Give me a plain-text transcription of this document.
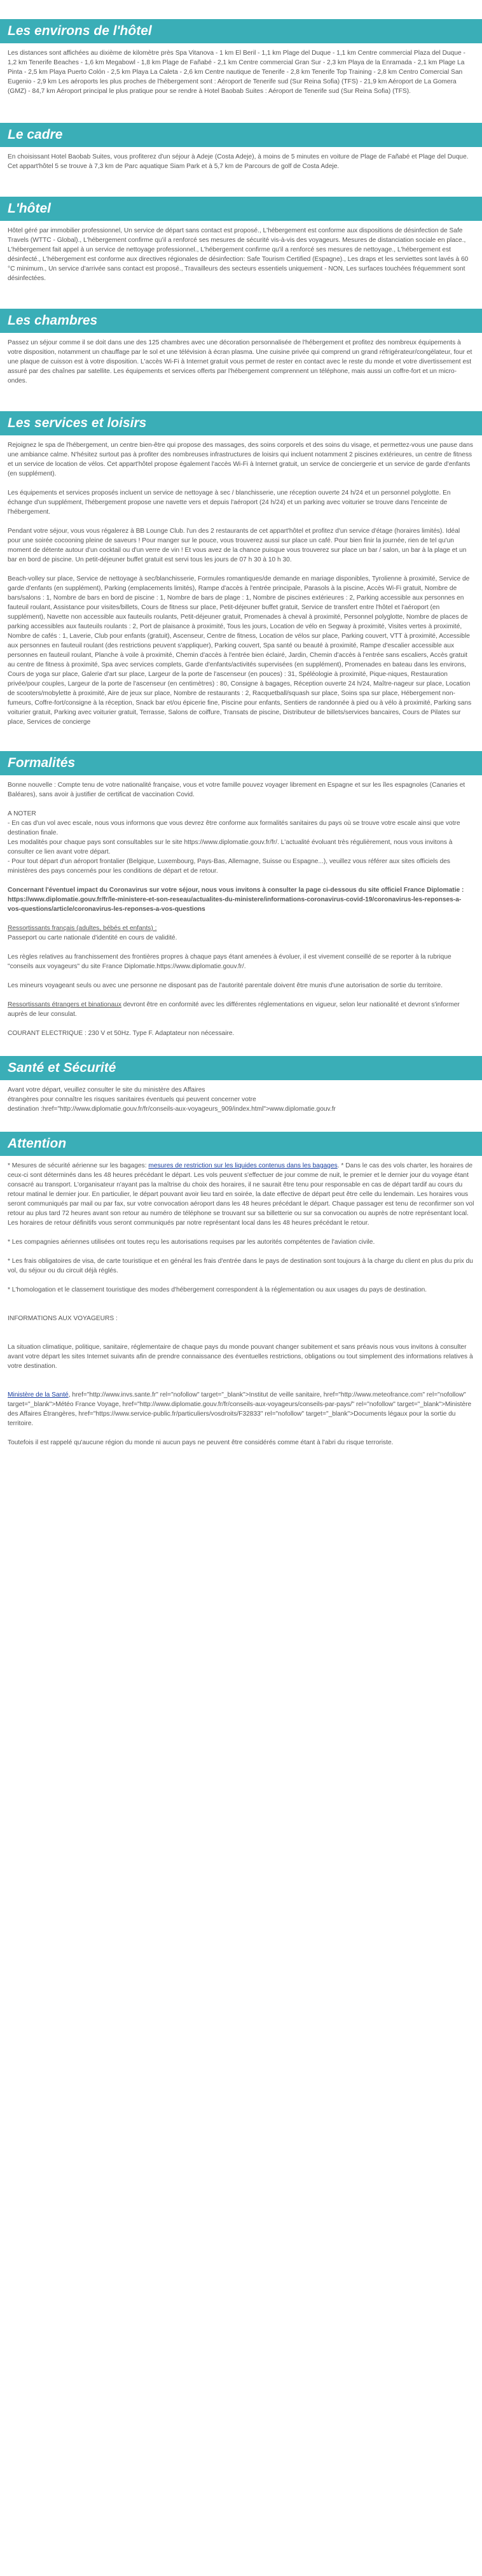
Les environs de l'hôtel

Les distances sont affichées au dixième de kilomètre près Spa Vitanova - 1 km El Beril - 1,1 km Plage del Duque - 1,1 km Centre commercial Plaza del Duque - 1,2 km Tenerife Beaches - 1,6 km Megabowl - 1,8 km Plage de Fañabé - 2,1 km Centre commercial Gran Sur - 2,3 km Playa de la Enramada - 2,1 km Plage La Pinta - 2,5 km Playa Puerto Colón - 2,5 km Playa La Caleta - 2,6 km Centre nautique de Tenerife - 2,8 km Tenerife Top Training - 2,8 km Centro Comercial San Eugenio - 2,9 km Les aéroports les plus proches de l'hébergement sont : Aéroport de Tenerife sud (Sur Reina Sofia) (TFS) - 21,9 km Aéroport de La Gomera (GMZ) - 84,7 km Aéroport principal le plus pratique pour se rendre à Hotel Baobab Suites : Aéroport de Tenerife sud (Sur Reina Sofia) (TFS).

Le cadre

En choisissant Hotel Baobab Suites, vous profiterez d'un séjour à Adeje (Costa Adeje), à moins de 5 minutes en voiture de Plage de Fañabé et Plage del Duque. Cet appart'hôtel 5 se trouve à 7,3 km de Parc aquatique Siam Park et à 5,7 km de Parcours de golf de Costa Adeje.

L'hôtel

Hôtel géré par immobilier professionnel, Un service de départ sans contact est proposé., L'hébergement est conforme aux dispositions de désinfection de Safe Travels (WTTC - Global)., L'hébergement confirme qu'il a renforcé ses mesures de sécurité vis-à-vis des voyageurs. Mesures de distanciation sociale en place., L'hébergement fait appel à un service de nettoyage professionnel., L'hébergement confirme qu'il a renforcé ses mesures de nettoyage., L'hébergement est désinfecté., L'hébergement est conforme aux directives régionales de désinfection: Safe Tourism Certified (Espagne)., Les draps et les serviettes sont lavés à 60 °C minimum., Un service d'arrivée sans contact est proposé., Travailleurs des secteurs essentiels uniquement - NON, Les surfaces touchées fréquemment sont désinfectées.

Les chambres

Passez un séjour comme il se doit dans une des 125 chambres avec une décoration personnalisée de l'hébergement et profitez des nombreux équipements à votre disposition, notamment un chauffage par le sol et une télévision à écran plasma. Une cuisine privée qui comprend un grand réfrigérateur/congélateur, four et une plaque de cuisson est à votre disposition. L'accès Wi-Fi à Internet gratuit vous permet de rester en contact avec le reste du monde et votre divertissement est assuré par des chaînes par satellite. Les équipements et services offerts par l'hébergement comprennent un téléphone, mais aussi un coffre-fort et un micro-ondes.

Les services et loisirs

Rejoignez le spa de l'hébergement, un centre bien-être qui propose des massages, des soins corporels et des soins du visage, et permettez-vous une pause dans une ambiance calme. N'hésitez surtout pas à profiter des nombreuses infrastructures de loisirs qui incluent notamment 2 piscines extérieures, un centre de fitness et un service de location de vélos. Cet appart'hôtel propose également l'accès Wi-Fi à Internet gratuit, un service de conciergerie et un service de garde d'enfants (en supplément).

Les équipements et services proposés incluent un service de nettoyage à sec / blanchisserie, une réception ouverte 24 h/24 et un personnel polyglotte. En échange d'un supplément, l'hébergement propose une navette vers et depuis l'aéroport (24 h/24) et un parking avec voiturier se trouve dans l'enceinte de l'hébergement.

Pendant votre séjour, vous vous régalerez à BB Lounge Club. l'un des 2 restaurants de cet appart'hôtel et profitez d'un service d'étage (horaires limités). Idéal pour une soirée cocooning pleine de saveurs ! Pour manger sur le pouce, vous trouverez aussi sur place un café. Pour bien finir la journée, rien de tel qu'un moment de détente autour d'un cocktail ou d'un verre de vin ! Et vous avez de la chance puisque vous trouverez sur place un bar / salon, un bar à la plage et un bar en bord de piscine. Un petit-déjeuner buffet gratuit est servi tous les jours de 07 h 30 à 10 h 30.

Beach-volley sur place, Service de nettoyage à sec/blanchisserie, Formules romantiques/de demande en mariage disponibles, Tyrolienne à proximité, Service de garde d'enfants (en supplément), Parking (emplacements limités), Rampe d'accès à l'entrée principale, Parasols à la piscine, Accès Wi-Fi gratuit, Nombre de bars/salons : 1, Nombre de bars en bord de piscine : 1, Nombre de bars de plage : 1, Nombre de piscines extérieures : 2, Parking accessible aux personnes en fauteuil roulant, Assistance pour visites/billets, Cours de fitness sur place, Petit-déjeuner buffet gratuit, Service de transfert entre l'hôtel et l'aéroport (en supplément), Navette non accessible aux fauteuils roulants, Petit-déjeuner gratuit, Promenades à cheval à proximité, Personnel polyglotte, Nombre de places de parking accessibles aux fauteuils roulants : 2, Port de plaisance à proximité, Tous les jours, Location de vélo en Segway à proximité, Visites vertes à proximité, Nombre de cafés : 1, Laverie, Club pour enfants (gratuit), Ascenseur, Centre de fitness, Location de vélos sur place, Parking couvert, VTT à proximité, Accessible aux personnes en fauteuil roulant (des restrictions peuvent s'appliquer), Parking couvert, Spa santé ou beauté à proximité, Rampe d'escalier accessible aux personnes en fauteuil roulant, Planche à voile à proximité, Chemin d'accès à l'entrée bien éclairé, Jardin, Chemin d'accès à l'entrée sans escaliers, Accès gratuit au centre de fitness à proximité, Spa avec services complets, Garde d'enfants/activités supervisées (en supplément), Promenades en bateau dans les environs, Cours de yoga sur place, Galerie d'art sur place, Largeur de la porte de l'ascenseur (en pouces) : 31, Spéléologie à proximité, Pique-niques, Restauration privée/pour couples, Largeur de la porte de l'ascenseur (en centimètres) : 80, Consigne à bagages, Réception ouverte 24 h/24, Maître-nageur sur place, Location de scooters/mobylette à proximité, Aire de jeux sur place, Nombre de restaurants : 2, Racquetball/squash sur place, Soins spa sur place, Hébergement non-fumeurs, Coffre-fort/consigne à la réception, Snack bar et/ou épicerie fine, Piscine pour enfants, Sentiers de randonnée à pied ou à vélo à proximité, Parking sans voiturier gratuit, Parking avec voiturier gratuit, Terrasse, Salons de coiffure, Transats de piscine, Distributeur de billets/services bancaires, Cours de Pilates sur place, Services de concierge

Formalités

Bonne nouvelle : Compte tenu de votre nationalité française, vous et votre famille pouvez voyager librement en Espagne et sur les îles espagnoles (Canaries et Baléares), sans avoir à justifier de certificat de vaccination Covid.

A NOTER
- En cas d'un vol avec escale, nous vous informons que vous devrez être conforme aux formalités sanitaires du pays où se trouve votre escale ainsi que votre destination finale.
Les modalités pour chaque pays sont consultables sur le site https://www.diplomatie.gouv.fr/fr/. L'actualité évoluant très régulièrement, nous vous invitons à consulter ce lien avant votre départ.
- Pour tout départ d'un aéroport frontalier (Belgique, Luxembourg, Pays-Bas, Allemagne, Suisse ou Espagne...), veuillez vous référer aux sites officiels des ministères des pays concernés pour les conditions de départ et de retour.

Concernant l'éventuel impact du Coronavirus sur votre séjour, nous vous invitons à consulter la page ci-dessous du site officiel France Diplomatie : https://www.diplomatie.gouv.fr/fr/le-ministere-et-son-reseau/actualites-du-ministere/informations-coronavirus-covid-19/coronavirus-les-reponses-a-vos-questions/article/coronavirus-les-reponses-a-vos-questions

Ressortissants français (adultes, bébés et enfants) :
Passeport ou carte nationale d'identité en cours de validité.

Les règles relatives au franchissement des frontières propres à chaque pays étant amenées à évoluer, il est vivement conseillé de se reporter à la rubrique "conseils aux voyageurs" du site France Diplomatie.https://www.diplomatie.gouv.fr/.

Les mineurs voyageant seuls ou avec une personne ne disposant pas de l'autorité parentale doivent être munis d'une autorisation de sortie du territoire.

Ressortissants étrangers et binationaux devront être en conformité avec les différentes réglementations en vigueur, selon leur nationalité et devront s'informer auprès de leur consulat.

COURANT ELECTRIQUE : 230 V et 50Hz. Type F. Adaptateur non nécessaire.

Santé et Sécurité
Avant votre départ, veuillez consulter le site du ministère des Affaires
étrangères pour connaître les risques sanitaires éventuels qui peuvent concerner votre
destination :href="http://www.diplomatie.gouv.fr/fr/conseils-aux-voyageurs_909/index.html">www.diplomatie.gouv.fr
Attention

* Mesures de sécurité aérienne sur les bagages: mesures de restriction sur les liquides contenus dans les bagages. * Dans le cas des vols charter, les horaires de ceux-ci sont déterminés dans les 48 heures précédant le départ. Les vols peuvent s'effectuer de jour comme de nuit, le premier et le dernier jour du voyage étant consacré au transport. L'organisateur n'ayant pas la maîtrise du choix des horaires, il ne saurait être tenu pour responsable en cas de départ tardif au cours du retour matinal le dernier jour. En particulier, le départ pouvant avoir lieu tard en soirée, la date effective de départ peut être celle du lendemain. Les horaires vous seront communiqués par mail ou par fax, sur votre convocation aéroport dans les 48 heures précédant le départ. Chaque passager est tenu de reconfirmer son vol retour au plus tard 72 heures avant son retour au numéro de téléphone se trouvant sur sa billetterie ou sur sa convocation ou auprès de notre représentant local. Les horaires de retour définitifs vous seront communiqués par notre représentant local dans les 48 heures précédant le retour.

* Les compagnies aériennes utilisées ont toutes reçu les autorisations requises par les autorités compétentes de l'aviation civile.

* Les frais obligatoires de visa, de carte touristique et en général les frais d'entrée dans le pays de destination sont toujours à la charge du client en plus du prix du vol, du séjour ou du circuit déjà réglés.

* L'homologation et le classement touristique des modes d'hébergement correspondent à la réglementation ou aux usages du pays de destination.

INFORMATIONS AUX VOYAGEURS :

La situation climatique, politique, sanitaire, réglementaire de chaque pays du monde pouvant changer subitement et sans préavis nous vous invitons à consulter avant votre départ les sites Internet suivants afin de prendre connaissance des éventuelles restrictions, obligations ou tout simplement des informations relatives à votre destination.

Ministère de la Santé, href="http://www.invs.sante.fr" rel="nofollow" target="_blank">Institut de veille sanitaire, href="http://www.meteofrance.com" rel="nofollow" target="_blank">Météo France Voyage, href="http://www.diplomatie.gouv.fr/fr/conseils-aux-voyageurs/conseils-par-pays/" rel="nofollow" target="_blank">Ministère des Affaires Étrangères, href="https://www.service-public.fr/particuliers/vosdroits/F32833" rel="nofollow" target="_blank">Documents légaux pour la sortie du territoire.

Toutefois il est rappelé qu'aucune région du monde ni aucun pays ne peuvent être considérés comme étant à l'abri du risque terroriste.
